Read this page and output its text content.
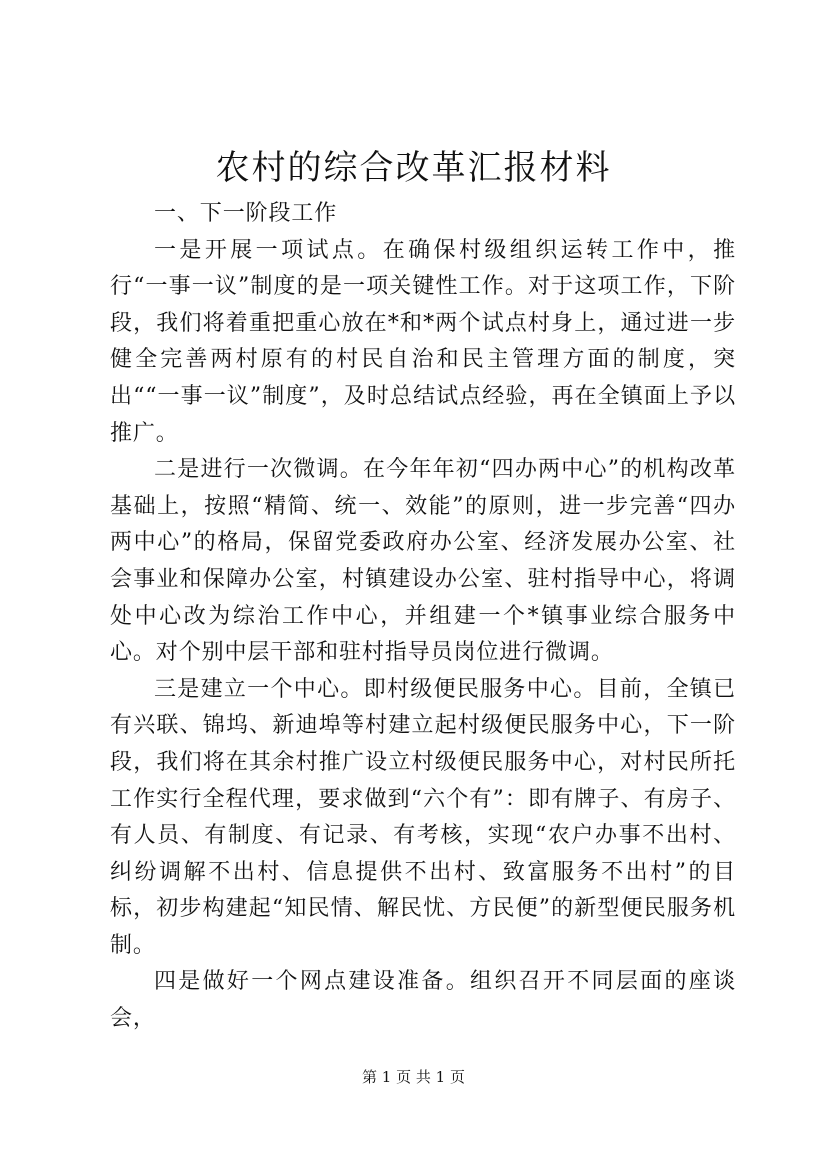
农村的综合改革汇报材料

一、下一阶段工作

一是开展一项试点。在确保村级组织运转工作中，推行“一事一议”制度的是一项关键性工作。对于这项工作，下阶段，我们将着重把重心放在*和*两个试点村身上，通过进一步健全完善两村原有的村民自治和民主管理方面的制度，突出““一事一议”制度”，及时总结试点经验，再在全镇面上予以推广。

二是进行一次微调。在今年年初“四办两中心”的机构改革基础上，按照“精简、统一、效能”的原则，进一步完善“四办两中心”的格局，保留党委政府办公室、经济发展办公室、社会事业和保障办公室，村镇建设办公室、驻村指导中心，将调处中心改为综治工作中心，并组建一个*镇事业综合服务中心。对个别中层干部和驻村指导员岗位进行微调。

三是建立一个中心。即村级便民服务中心。目前，全镇已有兴联、锦坞、新迪埠等村建立起村级便民服务中心，下一阶段，我们将在其余村推广设立村级便民服务中心，对村民所托工作实行全程代理，要求做到“六个有”：即有牌子、有房子、有人员、有制度、有记录、有考核，实现“农户办事不出村、纠纷调解不出村、信息提供不出村、致富服务不出村”的目标，初步构建起“知民情、解民忧、方民便”的新型便民服务机制。

四是做好一个网点建设准备。组织召开不同层面的座谈会，

第 1 页 共 1 页
